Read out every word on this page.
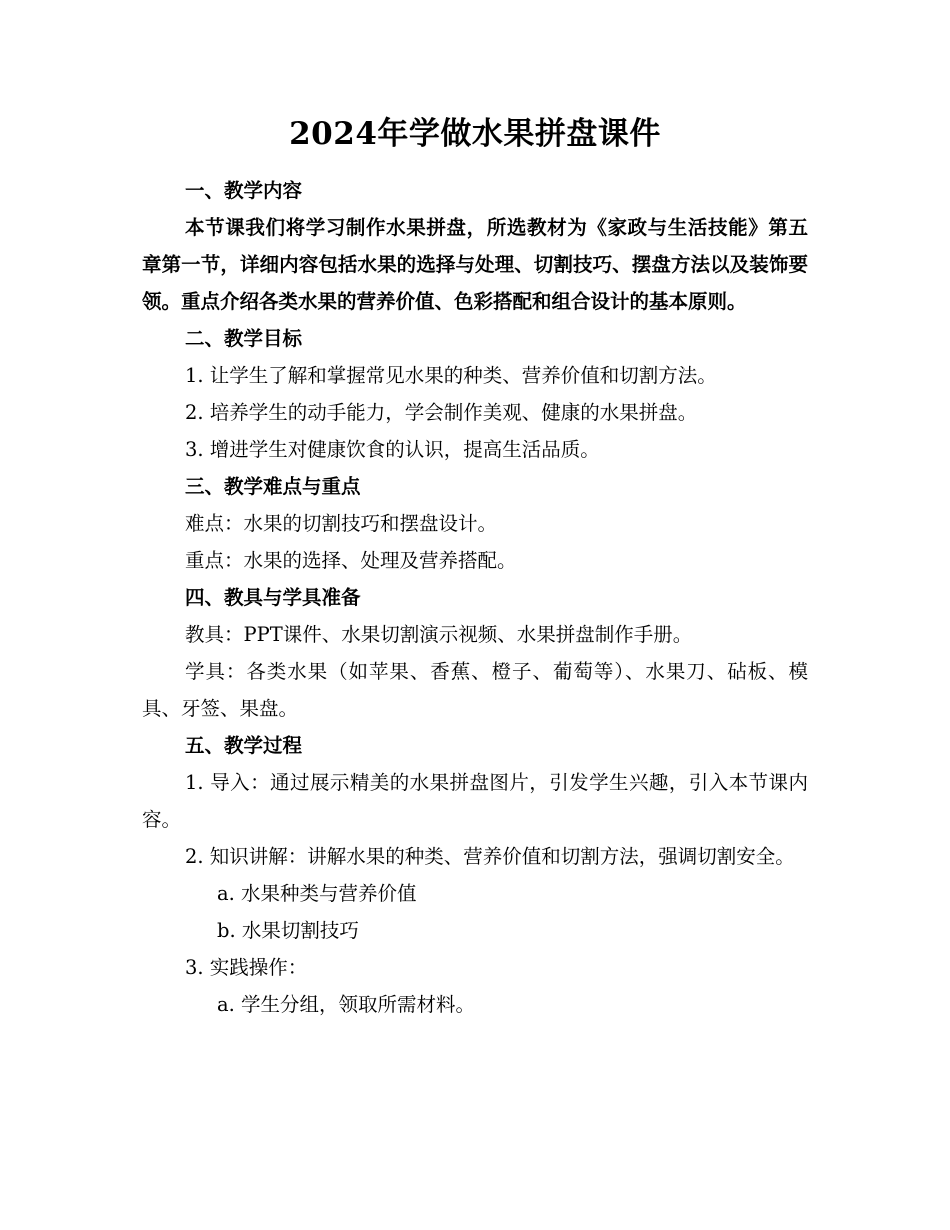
2024年学做水果拼盘课件

一、教学内容

本节课我们将学习制作水果拼盘，所选教材为《家政与生活技能》第五章第一节，详细内容包括水果的选择与处理、切割技巧、摆盘方法以及装饰要领。重点介绍各类水果的营养价值、色彩搭配和组合设计的基本原则。

二、教学目标

1. 让学生了解和掌握常见水果的种类、营养价值和切割方法。

2. 培养学生的动手能力，学会制作美观、健康的水果拼盘。

3. 增进学生对健康饮食的认识，提高生活品质。

三、教学难点与重点

难点：水果的切割技巧和摆盘设计。

重点：水果的选择、处理及营养搭配。

四、教具与学具准备

教具：PPT课件、水果切割演示视频、水果拼盘制作手册。

学具：各类水果（如苹果、香蕉、橙子、葡萄等）、水果刀、砧板、模具、牙签、果盘。

五、教学过程

1. 导入：通过展示精美的水果拼盘图片，引发学生兴趣，引入本节课内容。

2. 知识讲解：讲解水果的种类、营养价值和切割方法，强调切割安全。

a. 水果种类与营养价值

b. 水果切割技巧

3. 实践操作：

a. 学生分组，领取所需材料。
